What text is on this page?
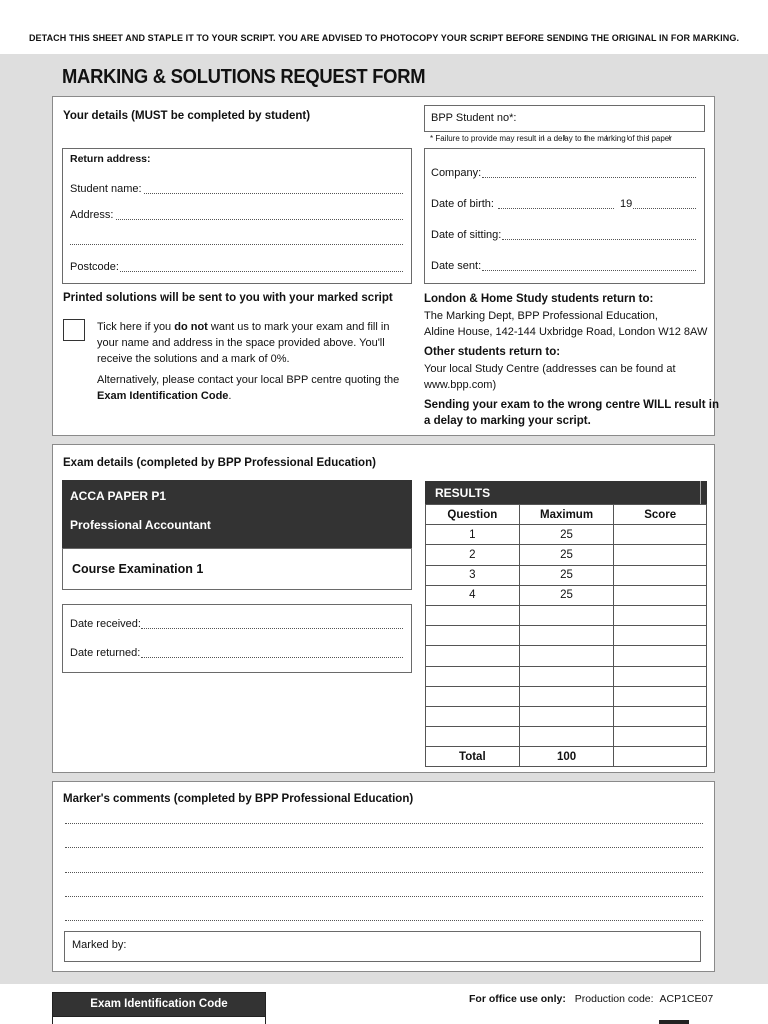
DETACH THIS SHEET AND STAPLE IT TO YOUR SCRIPT. YOU ARE ADVISED TO PHOTOCOPY YOUR SCRIPT BEFORE SENDING THE ORIGINAL IN FOR MARKING.
MARKING & SOLUTIONS REQUEST FORM
Your details (MUST be completed by student)	BPP Student no*:
* Failure to provide may result in a delay to the marking of this paper
Return address:
Student name:
Address:
Postcode:
Company:
Date of birth:	19
Date of sitting:
Date sent:
Printed solutions will be sent to you with your marked script
Tick here if you do not want us to mark your exam and fill in your name and address in the space provided above. You'll receive the solutions and a mark of 0%.
Alternatively, please contact your local BPP centre quoting the Exam Identification Code.
London & Home Study students return to:
The Marking Dept, BPP Professional Education,
Aldine House, 142-144 Uxbridge Road, London W12 8AW
Other students return to:
Your local Study Centre (addresses can be found at
www.bpp.com)
Sending your exam to the wrong centre WILL result in
a delay to marking your script.
Exam details (completed by BPP Professional Education)
ACCA PAPER P1
Professional Accountant
Course Examination 1
Date received:
Date returned:
RESULTS
Question	Maximum	Score
1	25	
2	25	
3	25	
4	25	

Total	100	
Marker's comments (completed by BPP Professional Education)
Marked by:
Exam Identification Code	For office use only: Production code: ACP1CE07
